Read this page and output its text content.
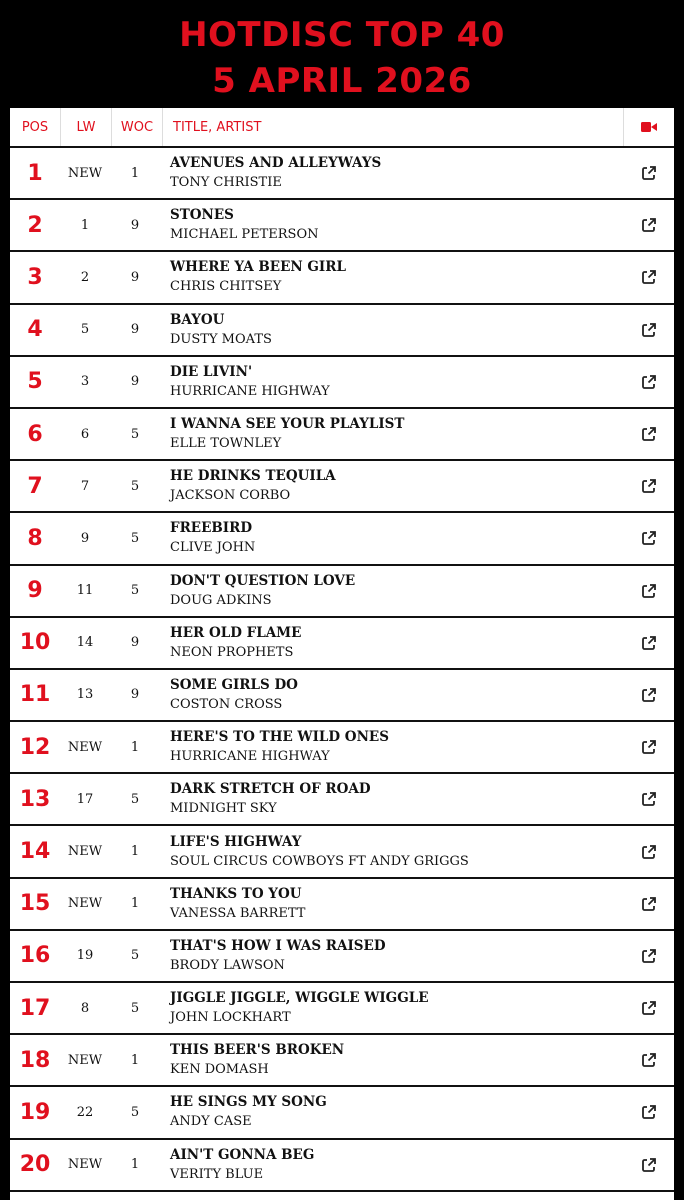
HOTDISC TOP 40
5 APRIL 2026
POS	LW	WOC	TITLE, ARTIST
1	NEW	1
AVENUES AND ALLEYWAYS
TONY CHRISTIE
2	1	9
STONES
MICHAEL PETERSON
3	2	9
WHERE YA BEEN GIRL
CHRIS CHITSEY
4	5	9
BAYOU
DUSTY MOATS
5	3	9
DIE LIVIN'
HURRICANE HIGHWAY
6	6	5
I WANNA SEE YOUR PLAYLIST
ELLE TOWNLEY
7	7	5
HE DRINKS TEQUILA
JACKSON CORBO
8	9	5
FREEBIRD
CLIVE JOHN
9	11	5
DON'T QUESTION LOVE
DOUG ADKINS
10	14	9
HER OLD FLAME
NEON PROPHETS
11	13	9
SOME GIRLS DO
COSTON CROSS
12	NEW	1
HERE'S TO THE WILD ONES
HURRICANE HIGHWAY
13	17	5
DARK STRETCH OF ROAD
MIDNIGHT SKY
14	NEW	1
LIFE'S HIGHWAY
SOUL CIRCUS COWBOYS FT ANDY GRIGGS
15	NEW	1
THANKS TO YOU
VANESSA BARRETT
16	19	5
THAT'S HOW I WAS RAISED
BRODY LAWSON
17	8	5
JIGGLE JIGGLE, WIGGLE WIGGLE
JOHN LOCKHART
18	NEW	1
THIS BEER'S BROKEN
KEN DOMASH
19	22	5
HE SINGS MY SONG
ANDY CASE
20	NEW	1
AIN'T GONNA BEG
VERITY BLUE
